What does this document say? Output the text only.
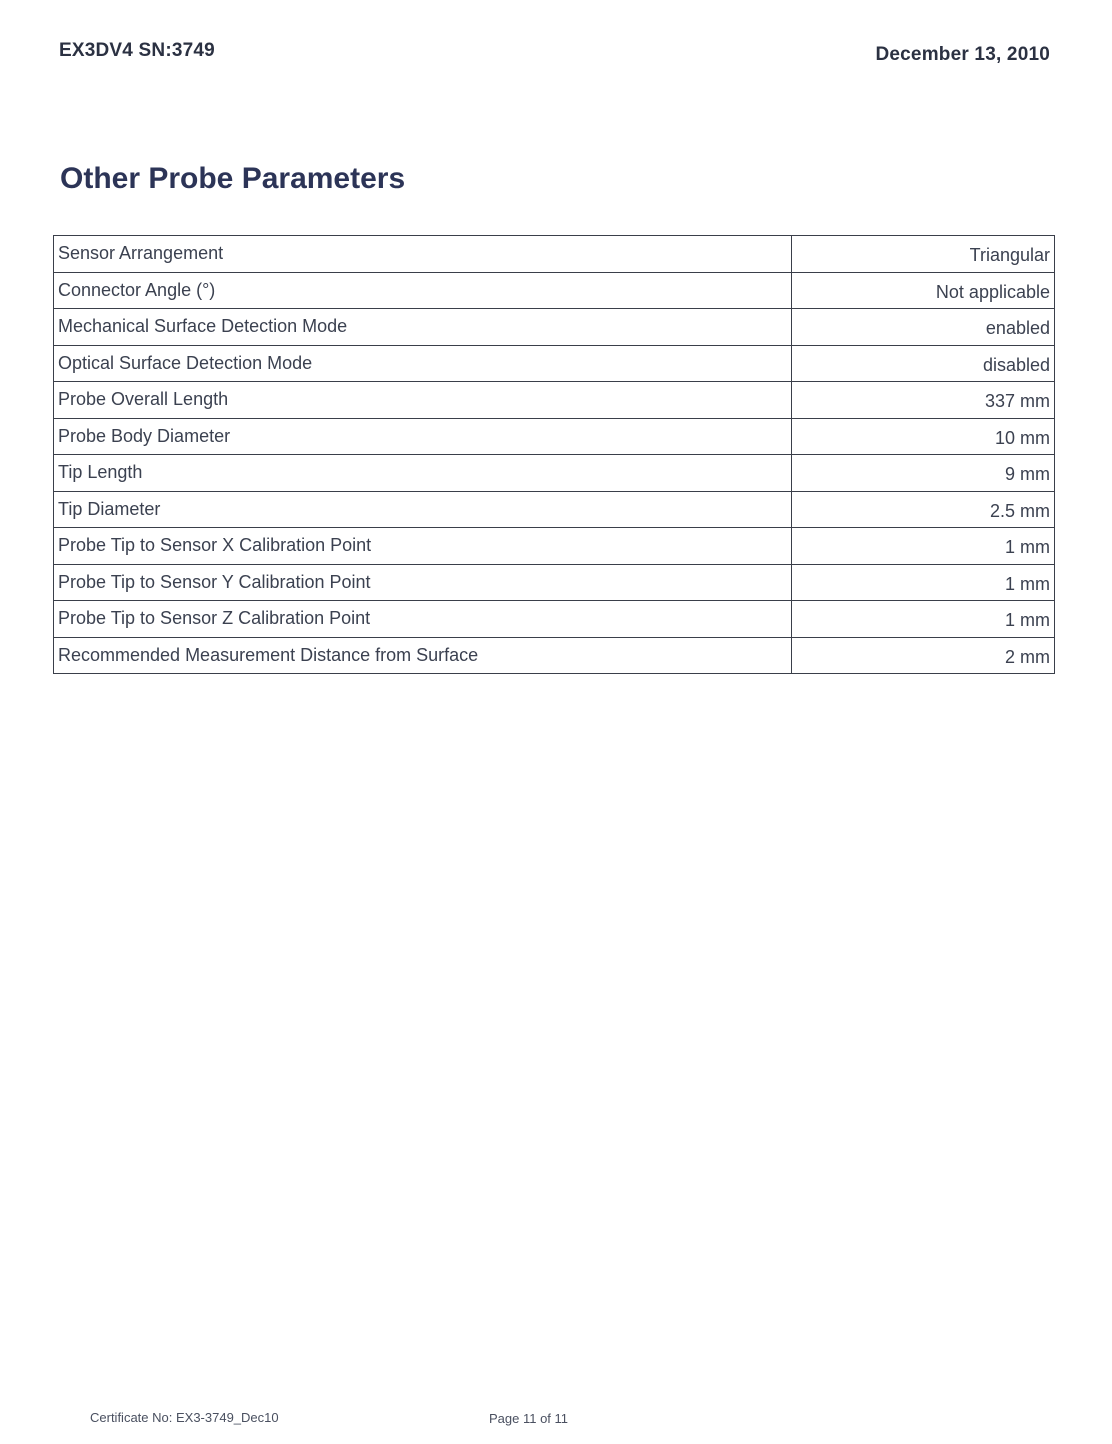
EX3DV4 SN:3749	December 13, 2010
Other Probe Parameters
Sensor Arrangement	Triangular
Connector Angle (°)	Not applicable
Mechanical Surface Detection Mode	enabled
Optical Surface Detection Mode	disabled
Probe Overall Length	337 mm
Probe Body Diameter	10 mm
Tip Length	9 mm
Tip Diameter	2.5 mm
Probe Tip to Sensor X Calibration Point	1 mm
Probe Tip to Sensor Y Calibration Point	1 mm
Probe Tip to Sensor Z Calibration Point	1 mm
Recommended Measurement Distance from Surface	2 mm
Certificate No: EX3-3749_Dec10	Page 11 of 11
